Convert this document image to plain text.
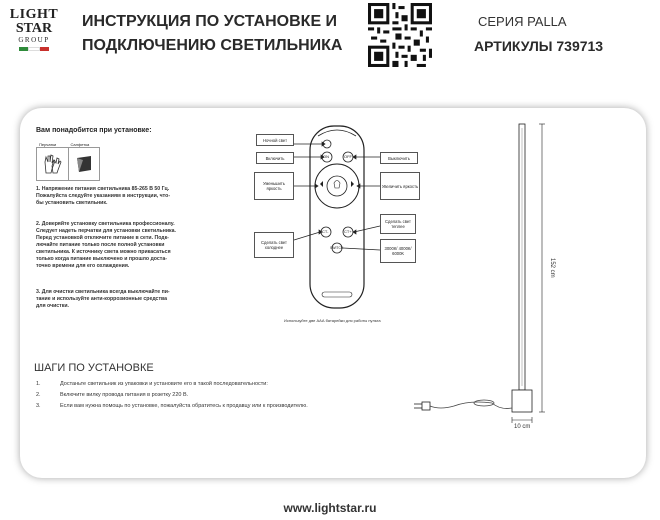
LIGHT
STAR
GROUP
ИНСТРУКЦИЯ ПО УСТАНОВКЕ И
ПОДКЛЮЧЕНИЮ СВЕТИЛЬНИКА
СЕРИЯ PALLA
АРТИКУЛЫ 739713
Вам понадобится при установке:
Перчатки	Салфетка
1. Напряжение питания светильника 85-265 В 50 Гц.
Пожалуйста следуйте указаниям в инструкции, что-
бы установить светильник.
2. Доверяйте установку светильника профессионалу.
Следует надеть перчатки для установки светильника.
Перед установкой отключите питание в сети. Подк-
лючайте питание только после полной установки
светильника. К источнику света можно прикасаться
только когда питание выключено и прошло доста-
точно времени для его охлаждения.
3. Для очистки светильника всегда выключайте пи-
тание и используйте анти-коррозионные средства
для очистки.
Ночной свет
Включить	Выключить
Уменьшить яркость	Увеличить яркость
Сделать свет теплее
Сделать свет холоднее	3000К/ 4000К/ 6000К
ON	OFF
CT-	CT+
SWITCH
Используйте две ААА батарейки для работы пульта
152 cm
10 cm
ШАГИ ПО УСТАНОВКЕ
1.	Достаньте светильник из упаковки и установите его в такой последовательности:
2.	Включите вилку провода питания в розетку 220 В.
3.	Если вам нужна помощь по установке, пожалуйста обратитесь к продавцу или к производителю.
www.lightstar.ru
